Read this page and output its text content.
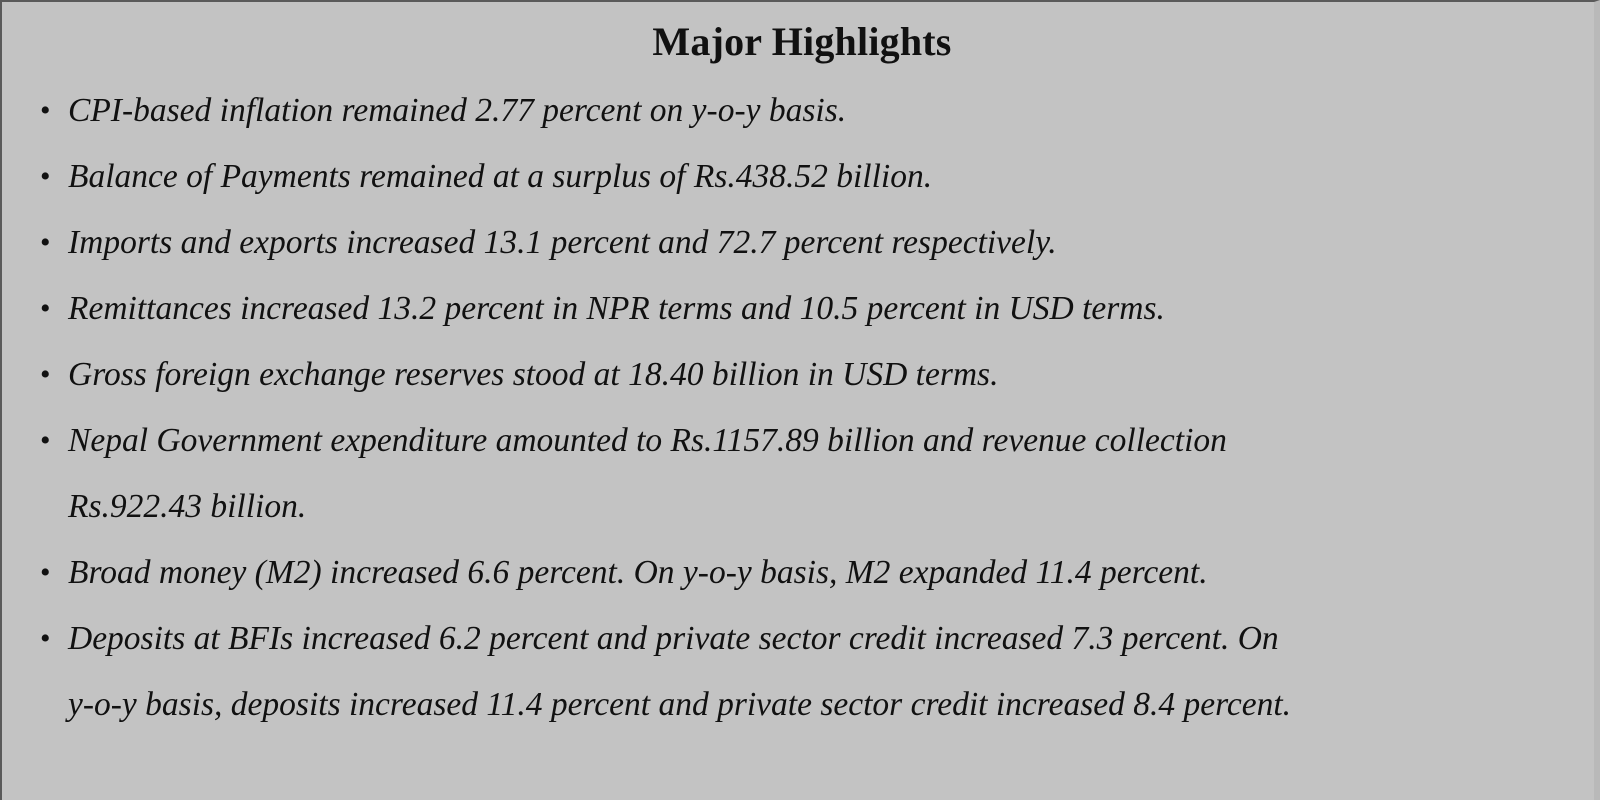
Major Highlights
• CPI-based inflation remained 2.77 percent on y-o-y basis.
• Balance of Payments remained at a surplus of Rs.438.52 billion.
• Imports and exports increased 13.1 percent and 72.7 percent respectively.
• Remittances increased 13.2 percent in NPR terms and 10.5 percent in USD terms.
• Gross foreign exchange reserves stood at 18.40 billion in USD terms.
• Nepal Government expenditure amounted to Rs.1157.89 billion and revenue collection
Rs.922.43 billion.
• Broad money (M2) increased 6.6 percent. On y-o-y basis, M2 expanded 11.4 percent.
• Deposits at BFIs increased 6.2 percent and private sector credit increased 7.3 percent. On
y-o-y basis, deposits increased 11.4 percent and private sector credit increased 8.4 percent.
